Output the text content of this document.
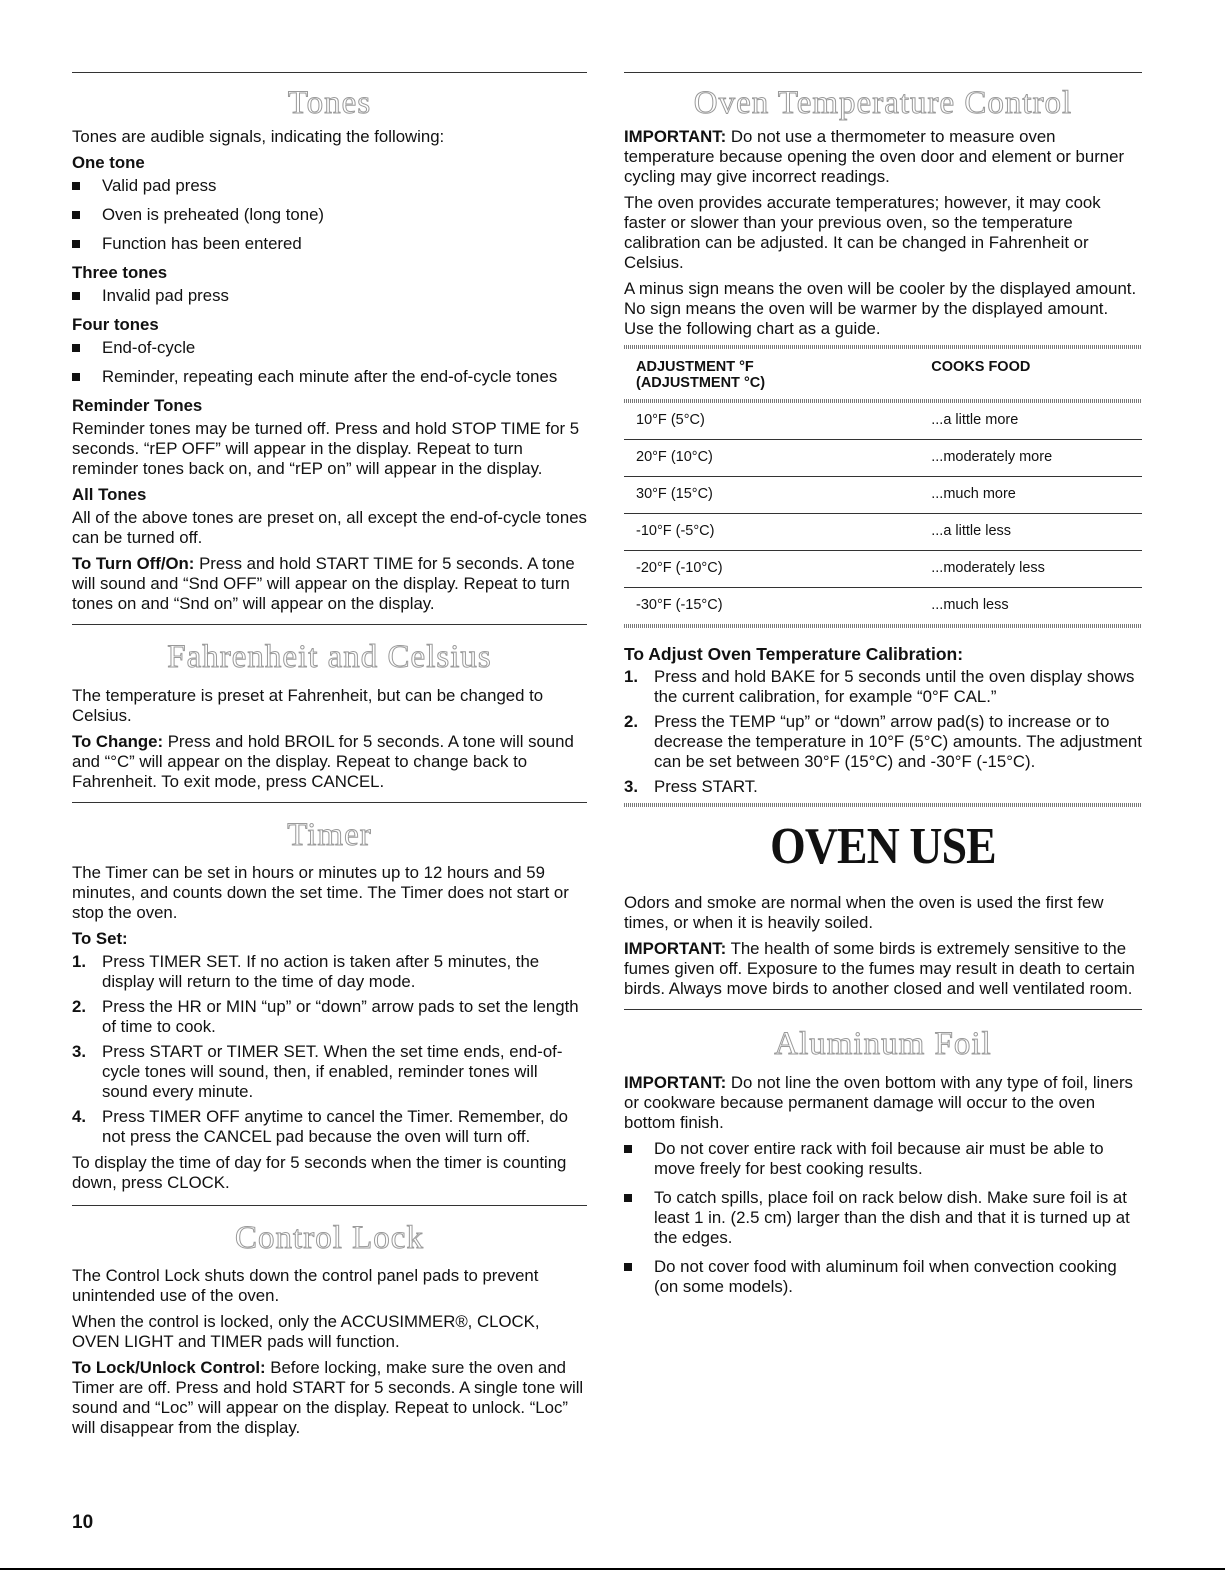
Tones

Tones are audible signals, indicating the following:

One tone
Valid pad press
Oven is preheated (long tone)
Function has been entered
Three tones
Invalid pad press
Four tones
End-of-cycle
Reminder, repeating each minute after the end-of-cycle tones
Reminder Tones

Reminder tones may be turned off. Press and hold STOP TIME for 5 seconds. “rEP OFF” will appear in the display. Repeat to turn reminder tones back on, and “rEP on” will appear in the display.

All Tones

All of the above tones are preset on, all except the end-of-cycle tones can be turned off.

To Turn Off/On: Press and hold START TIME for 5 seconds. A tone will sound and “Snd OFF” will appear on the display. Repeat to turn tones on and “Snd on” will appear on the display.

Fahrenheit and Celsius

The temperature is preset at Fahrenheit, but can be changed to Celsius.

To Change: Press and hold BROIL for 5 seconds. A tone will sound and “°C” will appear on the display. Repeat to change back to Fahrenheit. To exit mode, press CANCEL.

Timer

The Timer can be set in hours or minutes up to 12 hours and 59 minutes, and counts down the set time. The Timer does not start or stop the oven.

To Set:
1. Press TIMER SET. If no action is taken after 5 minutes, the display will return to the time of day mode.
2. Press the HR or MIN “up” or “down” arrow pads to set the length of time to cook.
3. Press START or TIMER SET. When the set time ends, end-of-cycle tones will sound, then, if enabled, reminder tones will sound every minute.
4. Press TIMER OFF anytime to cancel the Timer. Remember, do not press the CANCEL pad because the oven will turn off.

To display the time of day for 5 seconds when the timer is counting down, press CLOCK.

Control Lock

The Control Lock shuts down the control panel pads to prevent unintended use of the oven.

When the control is locked, only the ACCUSIMMER®, CLOCK, OVEN LIGHT and TIMER pads will function.

To Lock/Unlock Control: Before locking, make sure the oven and Timer are off. Press and hold START for 5 seconds. A single tone will sound and “Loc” will appear on the display. Repeat to unlock. “Loc” will disappear from the display.

Oven Temperature Control

IMPORTANT: Do not use a thermometer to measure oven temperature because opening the oven door and element or burner cycling may give incorrect readings.

The oven provides accurate temperatures; however, it may cook faster or slower than your previous oven, so the temperature calibration can be adjusted. It can be changed in Fahrenheit or Celsius.

A minus sign means the oven will be cooler by the displayed amount. No sign means the oven will be warmer by the displayed amount. Use the following chart as a guide.

ADJUSTMENT °F
(ADJUSTMENT °C)	COOKS FOOD
10°F (5°C)	...a little more
20°F (10°C)	...moderately more
30°F (15°C)	...much more
-10°F (-5°C)	...a little less
-20°F (-10°C)	...moderately less
-30°F (-15°C)	...much less
To Adjust Oven Temperature Calibration:
1. Press and hold BAKE for 5 seconds until the oven display shows the current calibration, for example “0°F CAL.”
2. Press the TEMP “up” or “down” arrow pad(s) to increase or to decrease the temperature in 10°F (5°C) amounts. The adjustment can be set between 30°F (15°C) and -30°F (-15°C).
3. Press START.
OVEN USE

Odors and smoke are normal when the oven is used the first few times, or when it is heavily soiled.

IMPORTANT: The health of some birds is extremely sensitive to the fumes given off. Exposure to the fumes may result in death to certain birds. Always move birds to another closed and well ventilated room.

Aluminum Foil

IMPORTANT: Do not line the oven bottom with any type of foil, liners or cookware because permanent damage will occur to the oven bottom finish.

Do not cover entire rack with foil because air must be able to move freely for best cooking results.
To catch spills, place foil on rack below dish. Make sure foil is at least 1 in. (2.5 cm) larger than the dish and that it is turned up at the edges.
Do not cover food with aluminum foil when convection cooking (on some models).
10
